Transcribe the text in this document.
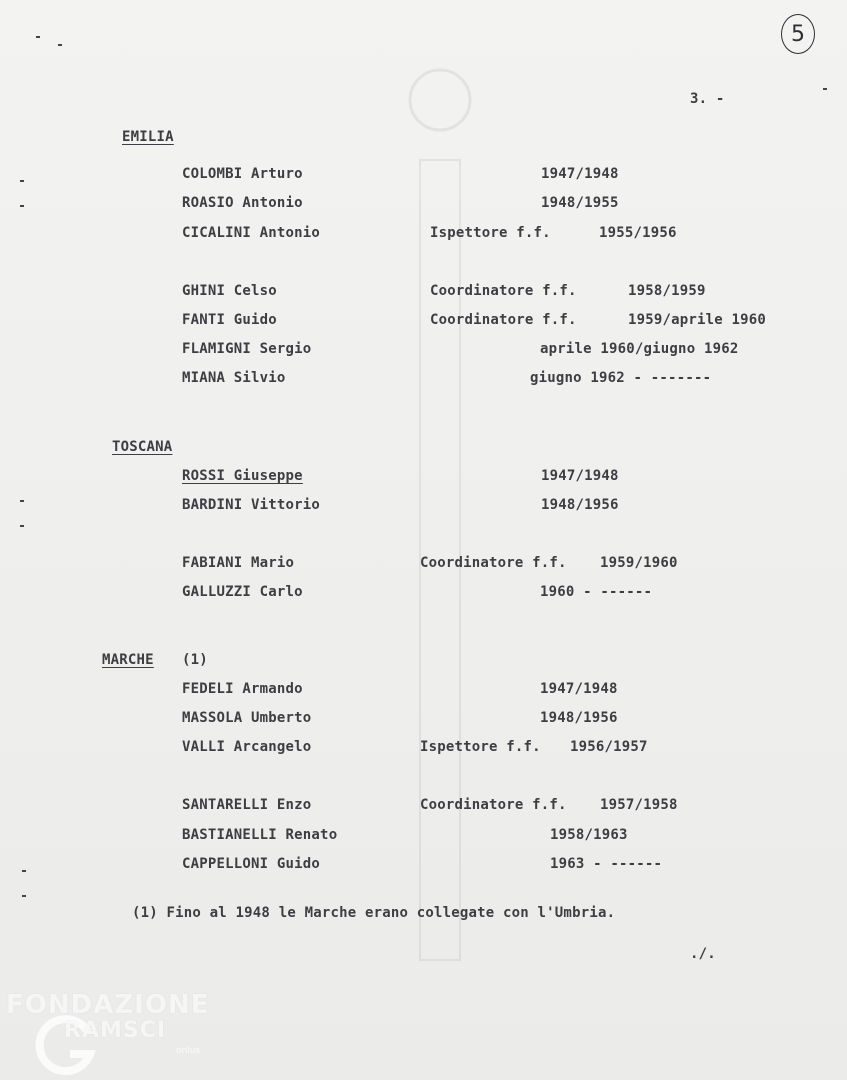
5
3. -
EMILIA
COLOMBI Arturo	1947/1948
ROASIO Antonio	1948/1955
CICALINI Antonio	Ispettore f.f.	1955/1956
GHINI Celso	Coordinatore f.f.	1958/1959
FANTI Guido	Coordinatore f.f.	1959/aprile 1960
FLAMIGNI Sergio	aprile 1960/giugno 1962
MIANA Silvio	giugno 1962 - -------
TOSCANA
ROSSI Giuseppe	1947/1948
BARDINI Vittorio	1948/1956
FABIANI Mario	Coordinatore f.f. 1959/1960
GALLUZZI Carlo	1960 - ------
MARCHE (1)
FEDELI Armando	1947/1948
MASSOLA Umberto	1948/1956
VALLI Arcangelo	Ispettore f.f. 1956/1957
SANTARELLI Enzo	Coordinatore f.f. 1957/1958
BASTIANELLI Renato	1958/1963
CAPPELLONI Guido	1963 - ------
(1) Fino al 1948 le Marche erano collegate con l'Umbria.
./.
FONDAZIONE
RAMSCI
onlus
